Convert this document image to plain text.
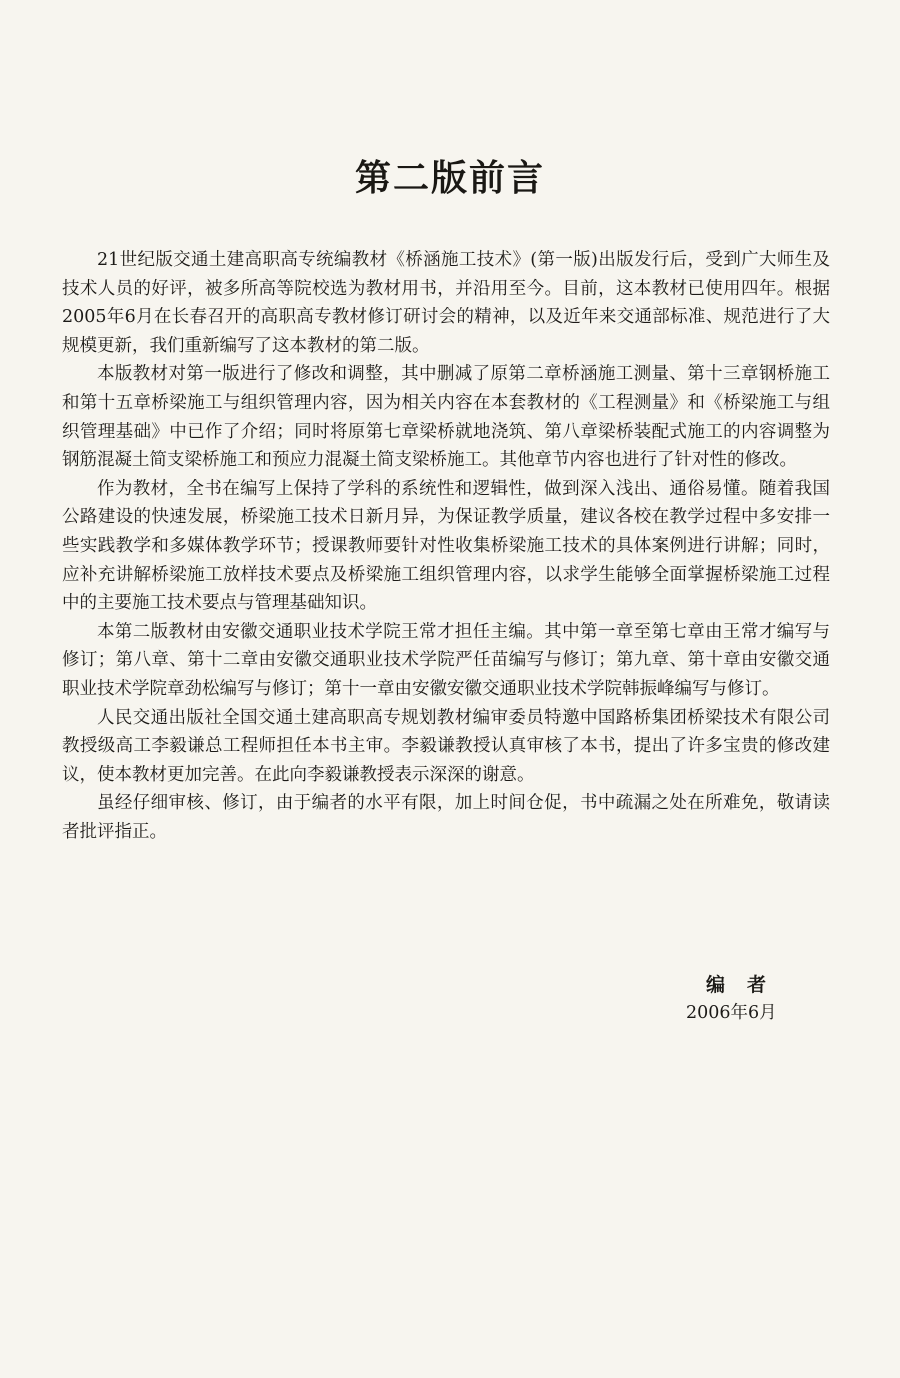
第二版前言

21世纪版交通土建高职高专统编教材《桥涵施工技术》(第一版)出版发行后，受到广大师生及技术人员的好评，被多所高等院校选为教材用书，并沿用至今。目前，这本教材已使用四年。根据2005年6月在长春召开的高职高专教材修订研讨会的精神，以及近年来交通部标准、规范进行了大规模更新，我们重新编写了这本教材的第二版。

本版教材对第一版进行了修改和调整，其中删减了原第二章桥涵施工测量、第十三章钢桥施工和第十五章桥梁施工与组织管理内容，因为相关内容在本套教材的《工程测量》和《桥梁施工与组织管理基础》中已作了介绍；同时将原第七章梁桥就地浇筑、第八章梁桥装配式施工的内容调整为钢筋混凝土简支梁桥施工和预应力混凝土简支梁桥施工。其他章节内容也进行了针对性的修改。

作为教材，全书在编写上保持了学科的系统性和逻辑性，做到深入浅出、通俗易懂。随着我国公路建设的快速发展，桥梁施工技术日新月异，为保证教学质量，建议各校在教学过程中多安排一些实践教学和多媒体教学环节；授课教师要针对性收集桥梁施工技术的具体案例进行讲解；同时，应补充讲解桥梁施工放样技术要点及桥梁施工组织管理内容，以求学生能够全面掌握桥梁施工过程中的主要施工技术要点与管理基础知识。

本第二版教材由安徽交通职业技术学院王常才担任主编。其中第一章至第七章由王常才编写与修订；第八章、第十二章由安徽交通职业技术学院严任苗编写与修订；第九章、第十章由安徽交通职业技术学院章劲松编写与修订；第十一章由安徽安徽交通职业技术学院韩振峰编写与修订。

人民交通出版社全国交通土建高职高专规划教材编审委员特邀中国路桥集团桥梁技术有限公司教授级高工李毅谦总工程师担任本书主审。李毅谦教授认真审核了本书，提出了许多宝贵的修改建议，使本教材更加完善。在此向李毅谦教授表示深深的谢意。

虽经仔细审核、修订，由于编者的水平有限，加上时间仓促，书中疏漏之处在所难免，敬请读者批评指正。

编者
2006年6月
